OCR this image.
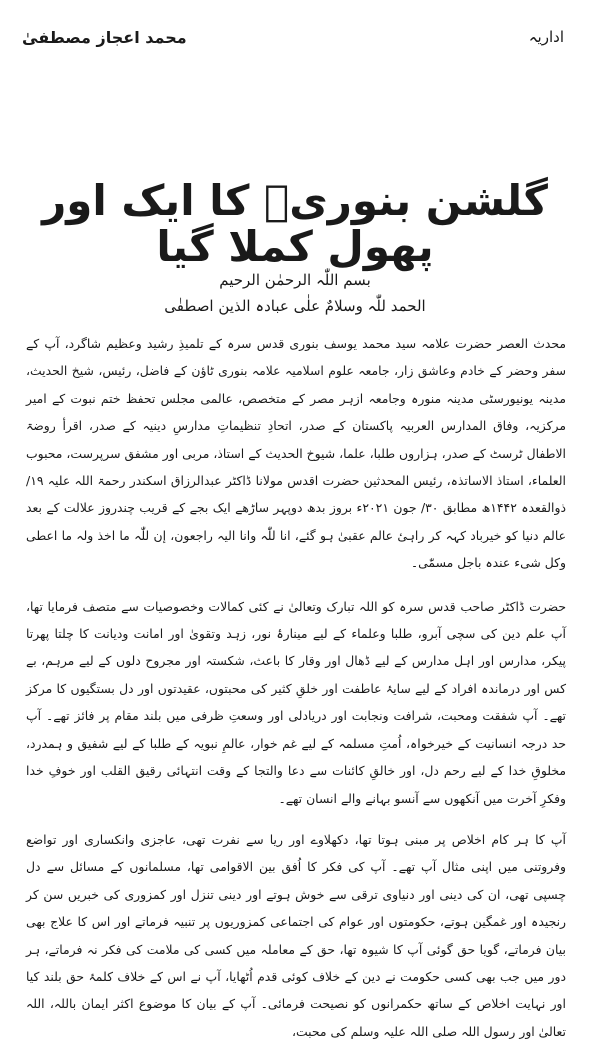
اداریہ
محمد اعجاز مصطفیٰ
گلشن بنوریؒ کا ایک اور پھول کملا گیا
بسم اللّٰہ الرحمٰن الرحیم
الحمد للّٰہ وسلامٌ علٰی عبادہ الذین اصطفٰی

محدث العصر حضرت علامہ سید محمد یوسف بنوری قدس سرہ کے تلمیذِ رشید وعظیم شاگرد، آپ کے سفر وحضر کے خادم وعاشق زار، جامعہ علوم اسلامیہ علامہ بنوری ٹاؤن کے فاضل، رئیس، شیخ الحدیث، مدینہ یونیورسٹی مدینہ منورہ وجامعہ ازہر مصر کے متخصص، عالمی مجلس تحفظ ختم نبوت کے امیر مرکزیہ، وفاق المدارس العربیہ پاکستان کے صدر، اتحادِ تنظیماتِ مدارسِ دینیہ کے صدر، اقرأ روضۃ الاطفال ٹرسٹ کے صدر، ہزاروں طلبا، علما، شیوخ الحدیث کے استاذ، مربی اور مشفق سرپرست، محبوب العلماء، استاذ الاساتذہ، رئیس المحدثین حضرت اقدس مولانا ڈاکٹر عبدالرزاق اسکندر رحمۃ اللہ علیہ ۱۹/ ذوالقعدہ ۱۴۴۲ھ مطابق ۳۰/ جون ۲۰۲۱ء بروز بدھ دوپہر ساڑھے ایک بجے کے قریب چندروز علالت کے بعد عالم دنیا کو خیرباد کہہ کر راہیٔ عالم عقبیٰ ہو گئے، انا للّٰہ وانا الیہ راجعون، إن للّٰہ ما اخذ ولہ ما اعطی وکل شیء عندہ باجل مسمّٰی۔

حضرت ڈاکٹر صاحب قدس سرہ کو اللہ تبارک وتعالیٰ نے کئی کمالات وخصوصیات سے متصف فرمایا تھا، آپ علم دین کی سچی آبرو، طلبا وعلماء کے لیے مینارۂ نور، زہد وتقویٰ اور امانت ودیانت کا چلتا پھرتا پیکر، مدارس اور اہل مدارس کے لیے ڈھال اور وقار کا باعث، شکستہ اور مجروح دلوں کے لیے مرہم، بے کس اور درماندہ افراد کے لیے سایۂ عاطفت اور خلقِ کثیر کی محبتوں، عقیدتوں اور دل بستگیوں کا مرکز تھے۔ آپ شفقت ومحبت، شرافت ونجابت اور دریادلی اور وسعتِ ظرفی میں بلند مقام پر فائز تھے۔ آپ حد درجہ انسانیت کے خیرخواہ، اُمتِ مسلمہ کے لیے غم خوار، عالمِ نبویہ کے طلبا کے لیے شفیق و ہمدرد، مخلوقِ خدا کے لیے رحم دل، اور خالقِ کائنات سے دعا والتجا کے وقت انتہائی رقیق القلب اور خوفِ خدا وفکرِ آخرت میں آنکھوں سے آنسو بہانے والے انسان تھے۔

آپ کا ہر کام اخلاص پر مبنی ہوتا تھا، دکھلاوے اور ریا سے نفرت تھی، عاجزی وانکساری اور تواضع وفروتنی میں اپنی مثال آپ تھے۔ آپ کی فکر کا اُفق بین الاقوامی تھا، مسلمانوں کے مسائل سے دل چسپی تھی، ان کی دینی اور دنیاوی ترقی سے خوش ہوتے اور دینی تنزل اور کمزوری کی خبریں سن کر رنجیدہ اور غمگین ہوتے، حکومتوں اور عوام کی اجتماعی کمزوریوں پر تنبیہ فرماتے اور اس کا علاج بھی بیان فرماتے، گویا حق گوئی آپ کا شیوہ تھا، حق کے معاملہ میں کسی کی ملامت کی فکر نہ فرماتے، ہر دور میں جب بھی کسی حکومت نے دین کے خلاف کوئی قدم اُٹھایا، آپ نے اس کے خلاف کلمۂ حق بلند کیا اور نہایت اخلاص کے ساتھ حکمرانوں کو نصیحت فرمائی۔ آپ کے بیان کا موضوع اکثر ایمان باللہ، اللہ تعالیٰ اور رسول اللہ صلی اللہ علیہ وسلم کی محبت،
